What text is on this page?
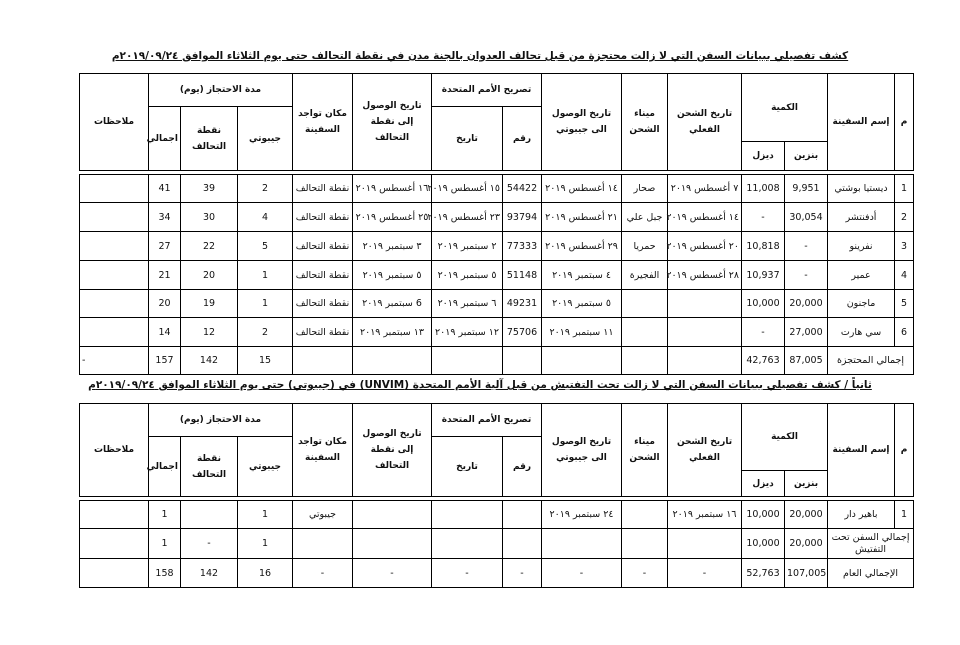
كشف تفصيلي ببيانات السفن التي لا زالت محتجزة من قبل تحالف العدوان بالجنة مدن في نقطة التحالف حتى يوم الثلاثاء الموافق ٢٠١٩/٠٩/٢٤م
م	إسم السفينة	الكمية		تاريخ الشحن الفعلي	ميناء الشحن	تاريخ الوصول الى جيبوتي	تصريح الأمم المتحدة		تاريخ الوصول إلى نقطة التحالف	مكان تواجد السفينة	مدة الاحتجاز (يوم)			ملاحظات
							رقم	تاريخ			جيبوتي	نقطة التحالف	اجمالي	
		بنزين	ديزل											

1	ديستيا بوشتي	9,951	11,008	٧ أغسطس ٢٠١٩	صحار	١٤ أغسطس ٢٠١٩	54422	١٥ أغسطس ٢٠١٩	١٦ أغسطس ٢٠١٩	نقطة التحالف	2	39	41	
2	أدفنتشر	30,054	-	١٤ أغسطس ٢٠١٩	جبل علي	٢١ أغسطس ٢٠١٩	93794	٢٣ أغسطس ٢٠١٩	٢٥ أغسطس ٢٠١٩	نقطة التحالف	4	30	34	
3	نفرينو	-	10,818	٢٠ أغسطس ٢٠١٩	حمريا	٢٩ أغسطس ٢٠١٩	77333	٢ سبتمبر ٢٠١٩	٣ سبتمبر ٢٠١٩	نقطة التحالف	5	22	27	
4	عمير	-	10,937	٢٨ أغسطس ٢٠١٩	الفجيرة	٤ سبتمبر ٢٠١٩	51148	٥ سبتمبر ٢٠١٩	٥ سبتمبر ٢٠١٩	نقطة التحالف	1	20	21	
5	ماجنون	20,000	10,000			٥ سبتمبر ٢٠١٩	49231	٦ سبتمبر ٢٠١٩	6 سبتمبر ٢٠١٩	نقطة التحالف	1	19	20	
6	سي هارت	27,000	-			١١ سبتمبر ٢٠١٩	75706	١٢ سبتمبر ٢٠١٩	١٣ سبتمبر ٢٠١٩	نقطة التحالف	2	12	14	
إجمالي المحتجزة		87,005	42,763								15	142	157	-
ثانياً / كشف تفصيلي ببيانات السفن التي لا زالت تحت التفتيش من قبل آلية الأمم المتحدة (UNVIM) في (جيبوتي) حتى يوم الثلاثاء الموافق ٢٠١٩/٠٩/٢٤م
م	إسم السفينة	الكمية		تاريخ الشحن الفعلي	ميناء الشحن	تاريخ الوصول الى جيبوتي	تصريح الأمم المتحدة		تاريخ الوصول إلى نقطة التحالف	مكان تواجد السفينة	مدة الاحتجاز (يوم)			ملاحظات
							رقم	تاريخ			جيبوتي	نقطة التحالف	اجمالي	
		بنزين	ديزل											

1	باهير دار	20,000	10,000	١٦ سبتمبر ٢٠١٩		٢٤ سبتمبر ٢٠١٩				جيبوتي	1		1	
إجمالي السفن تحت التفتيش		20,000	10,000								1	-	1	
الإجمالي العام		107,005	52,763	-	-	-	-	-	-	-	16	142	158	
